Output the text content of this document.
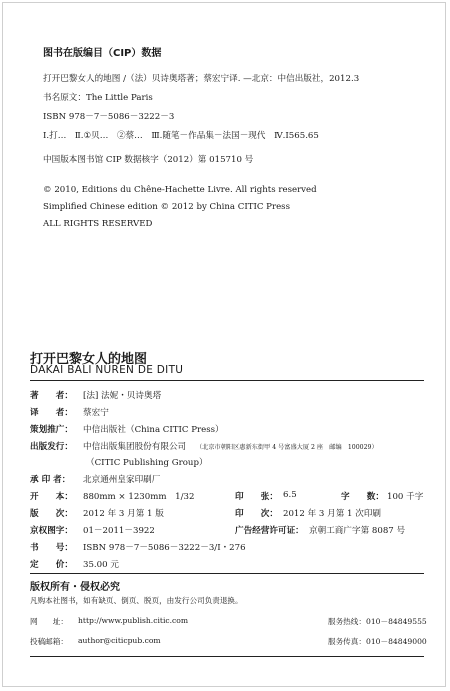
图书在版编目（CIP）数据
打开巴黎女人的地图 /（法）贝诗奥塔著；蔡宏宁译. —北京：中信出版社，2012.3
书名原文：The Little Paris
ISBN 978－7－5086－3222－3
Ⅰ.打…　Ⅱ.①贝…　②蔡…　Ⅲ.随笔－作品集－法国－现代　Ⅳ.I565.65
中国版本图书馆 CIP 数据核字（2012）第 015710 号
© 2010, Editions du Chêne-Hachette Livre. All rights reserved
Simplified Chinese edition © 2012 by China CITIC Press
ALL RIGHTS RESERVED
打开巴黎女人的地图
DAKAI BALI NÜREN DE DITU
著　　者： [法] 法妮・贝诗奥塔
译　　者： 蔡宏宁
策划推广： 中信出版社（China CITIC Press）
出版发行： 中信出版集团股份有限公司 （北京市朝阳区惠新东街甲 4 号富盛大厦 2 座　邮编　100029）
（CITIC Publishing Group）
承 印 者： 北京通州皇家印刷厂
开　　本： 880mm × 1230mm　1/32	印　　张： 6.5	字　　数： 100 千字
版　　次： 2012 年 3 月第 1 版	印　　次： 2012 年 3 月第 1 次印刷
京权图字： 01－2011－3922	广告经营许可证： 京朝工商广字第 8087 号
书　　号： ISBN 978－7－5086－3222－3/I・276
定　　价： 35.00 元
版权所有・侵权必究
凡购本社图书，如有缺页、倒页、脱页，由发行公司负责退换。
网　　址： http://www.publish.citic.com	服务热线： 010－84849555
投稿邮箱： author@citicpub.com	服务传真： 010－84849000
